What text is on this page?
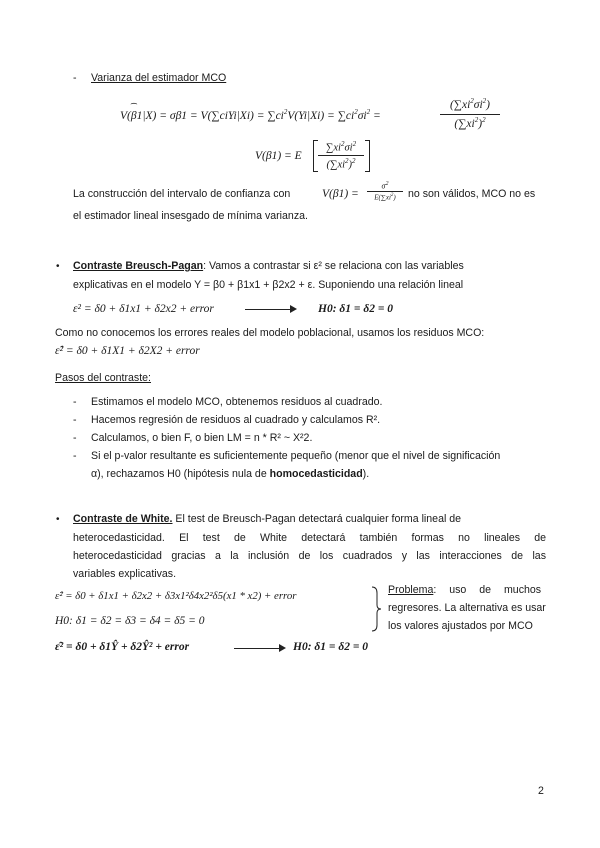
- Varianza del estimador MCO
V(β
1|X) = σβ1 = V(∑ciYi|Xi) = $\sum ci^2V(Yi|Xi) = \sum ci^2\sigma i^2$ =
$(\sum xi^2\sigma i^2)$
$(\sum xi^2)^2$
V(β1) = E
$\sum xi^2\sigma i^2$
$(\sum xi^2)^2$
La construcción del intervalo de confianza con	V(β1) =
$\sigma^2$
$E(\sum xi^2)$	no son válidos, MCO no es
el estimador lineal insesgado de mínima varianza.
• Contraste Breusch-Pagan: Vamos a contrastar si ε² se relaciona con las variables
explicativas en el modelo Y = β0 + β1x1 + β2x2 + ε. Suponiendo una relación lineal
ε² = δ0 + δ1x1 + δ2x2 + error	H0: δ1 = δ2 = 0
Como no conocemos los errores reales del modelo poblacional, usamos los residuos MCO:
ε̂² = δ0 + δ1X1 + δ2X2 + error
Pasos del contraste:
- Estimamos el modelo MCO, obtenemos residuos al cuadrado.
- Hacemos regresión de residuos al cuadrado y calculamos R².
- Calculamos, o bien F, o bien LM = n * R² ~ X²2.
- Si el p-valor resultante es suficientemente pequeño (menor que el nivel de significación
α), rechazamos H0 (hipótesis nula de homocedasticidad).
• Contraste de White. El test de Breusch-Pagan detectará cualquier forma lineal de
heterocedasticidad. El test de White detectará también formas no lineales de
heterocedasticidad gracias a la inclusión de los cuadrados y las interacciones de las
variables explicativas.
ε̂² = δ0 + δ1x1 + δ2x2 + δ3x1²δ4x2²δ5(x1 * x2) + error
H0: δ1 = δ2 = δ3 = δ4 = δ5 = 0
Problema: uso de muchos
regresores. La alternativa es usar
los valores ajustados por MCO
ε̂² = δ0 + δ1Ŷ + δ2Ŷ² + error	H0: δ1 = δ2 = 0
2
